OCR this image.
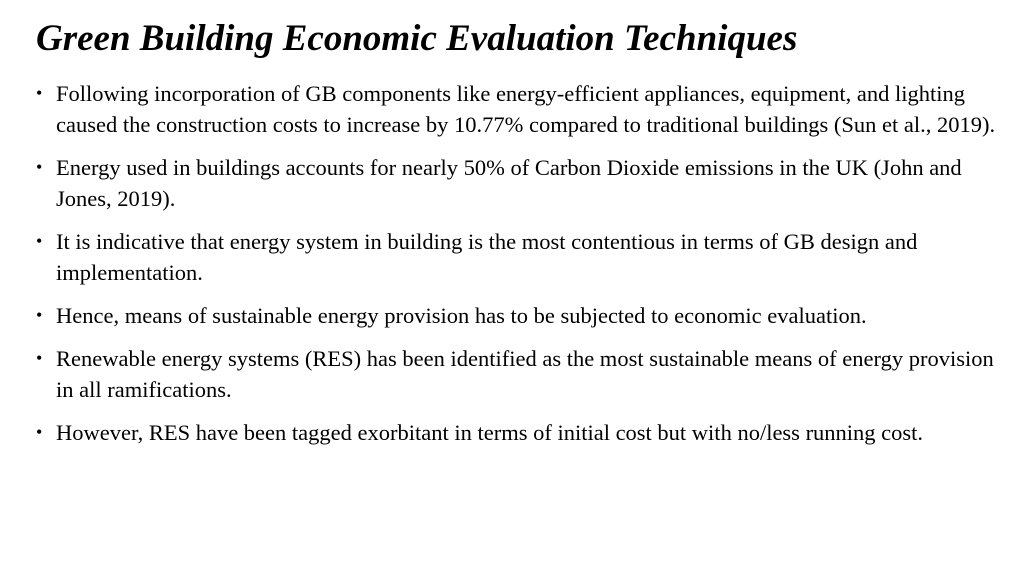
Green Building Economic Evaluation Techniques
• Following incorporation of GB components like energy-efficient appliances, equipment, and lighting caused the construction costs to increase by 10.77% compared to traditional buildings (Sun et al., 2019).
• Energy used in buildings accounts for nearly 50% of Carbon Dioxide emissions in the UK (John and Jones, 2019).
• It is indicative that energy system in building is the most contentious in terms of GB design and implementation.
• Hence, means of sustainable energy provision has to be subjected to economic evaluation.
• Renewable energy systems (RES) has been identified as the most sustainable means of energy provision in all ramifications.
• However, RES have been tagged exorbitant in terms of initial cost but with no/less running cost.
